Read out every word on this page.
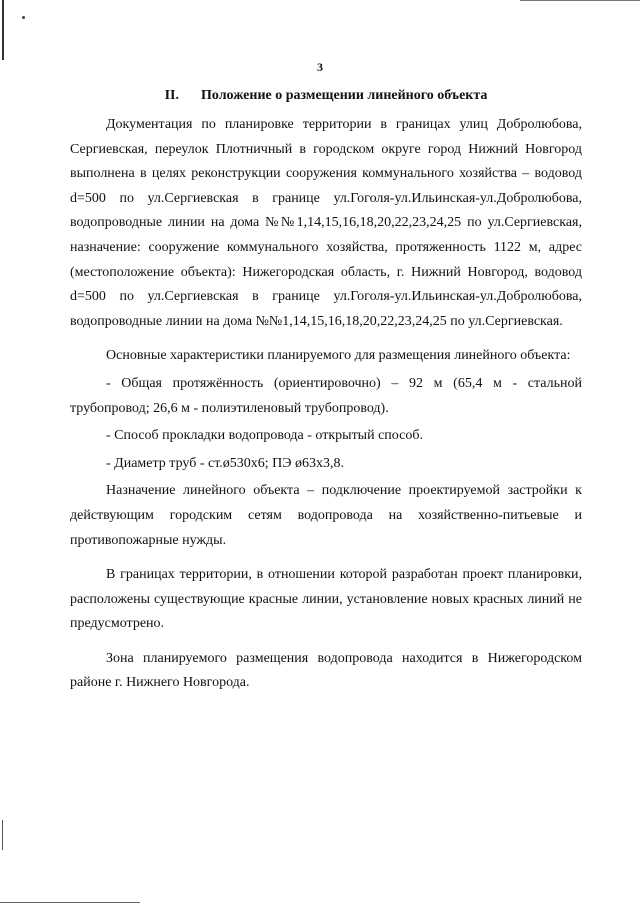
3
II. Положение о размещении линейного объекта

Документация по планировке территории в границах улиц Добролюбова, Сергиевская, переулок Плотничный в городском округе город Нижний Новгород выполнена в целях реконструкции сооружения коммунального хозяйства – водовод d=500 по ул.Сергиевская в границе ул.Гоголя-ул.Ильинская-ул.Добролюбова, водопроводные линии на дома №№1,14,15,16,18,20,22,23,24,25 по ул.Сергиевская, назначение: сооружение коммунального хозяйства, протяженность 1122 м, адрес (местоположение объекта): Нижегородская область, г. Нижний Новгород, водовод d=500 по ул.Сергиевская в границе ул.Гоголя-ул.Ильинская-ул.Добролюбова, водопроводные линии на дома №№1,14,15,16,18,20,22,23,24,25 по ул.Сергиевская.

Основные характеристики планируемого для размещения линейного объекта:

- Общая протяжённость (ориентировочно) – 92 м (65,4 м - стальной трубопровод; 26,6 м - полиэтиленовый трубопровод).

- Способ прокладки водопровода - открытый способ.

- Диаметр труб - ст.ø530х6; ПЭ ø63х3,8.

Назначение линейного объекта – подключение проектируемой застройки к действующим городским сетям водопровода на хозяйственно-питьевые и противопожарные нужды.

В границах территории, в отношении которой разработан проект планировки, расположены существующие красные линии, установление новых красных линий не предусмотрено.

Зона планируемого размещения водопровода находится в Нижегородском районе г. Нижнего Новгорода.
